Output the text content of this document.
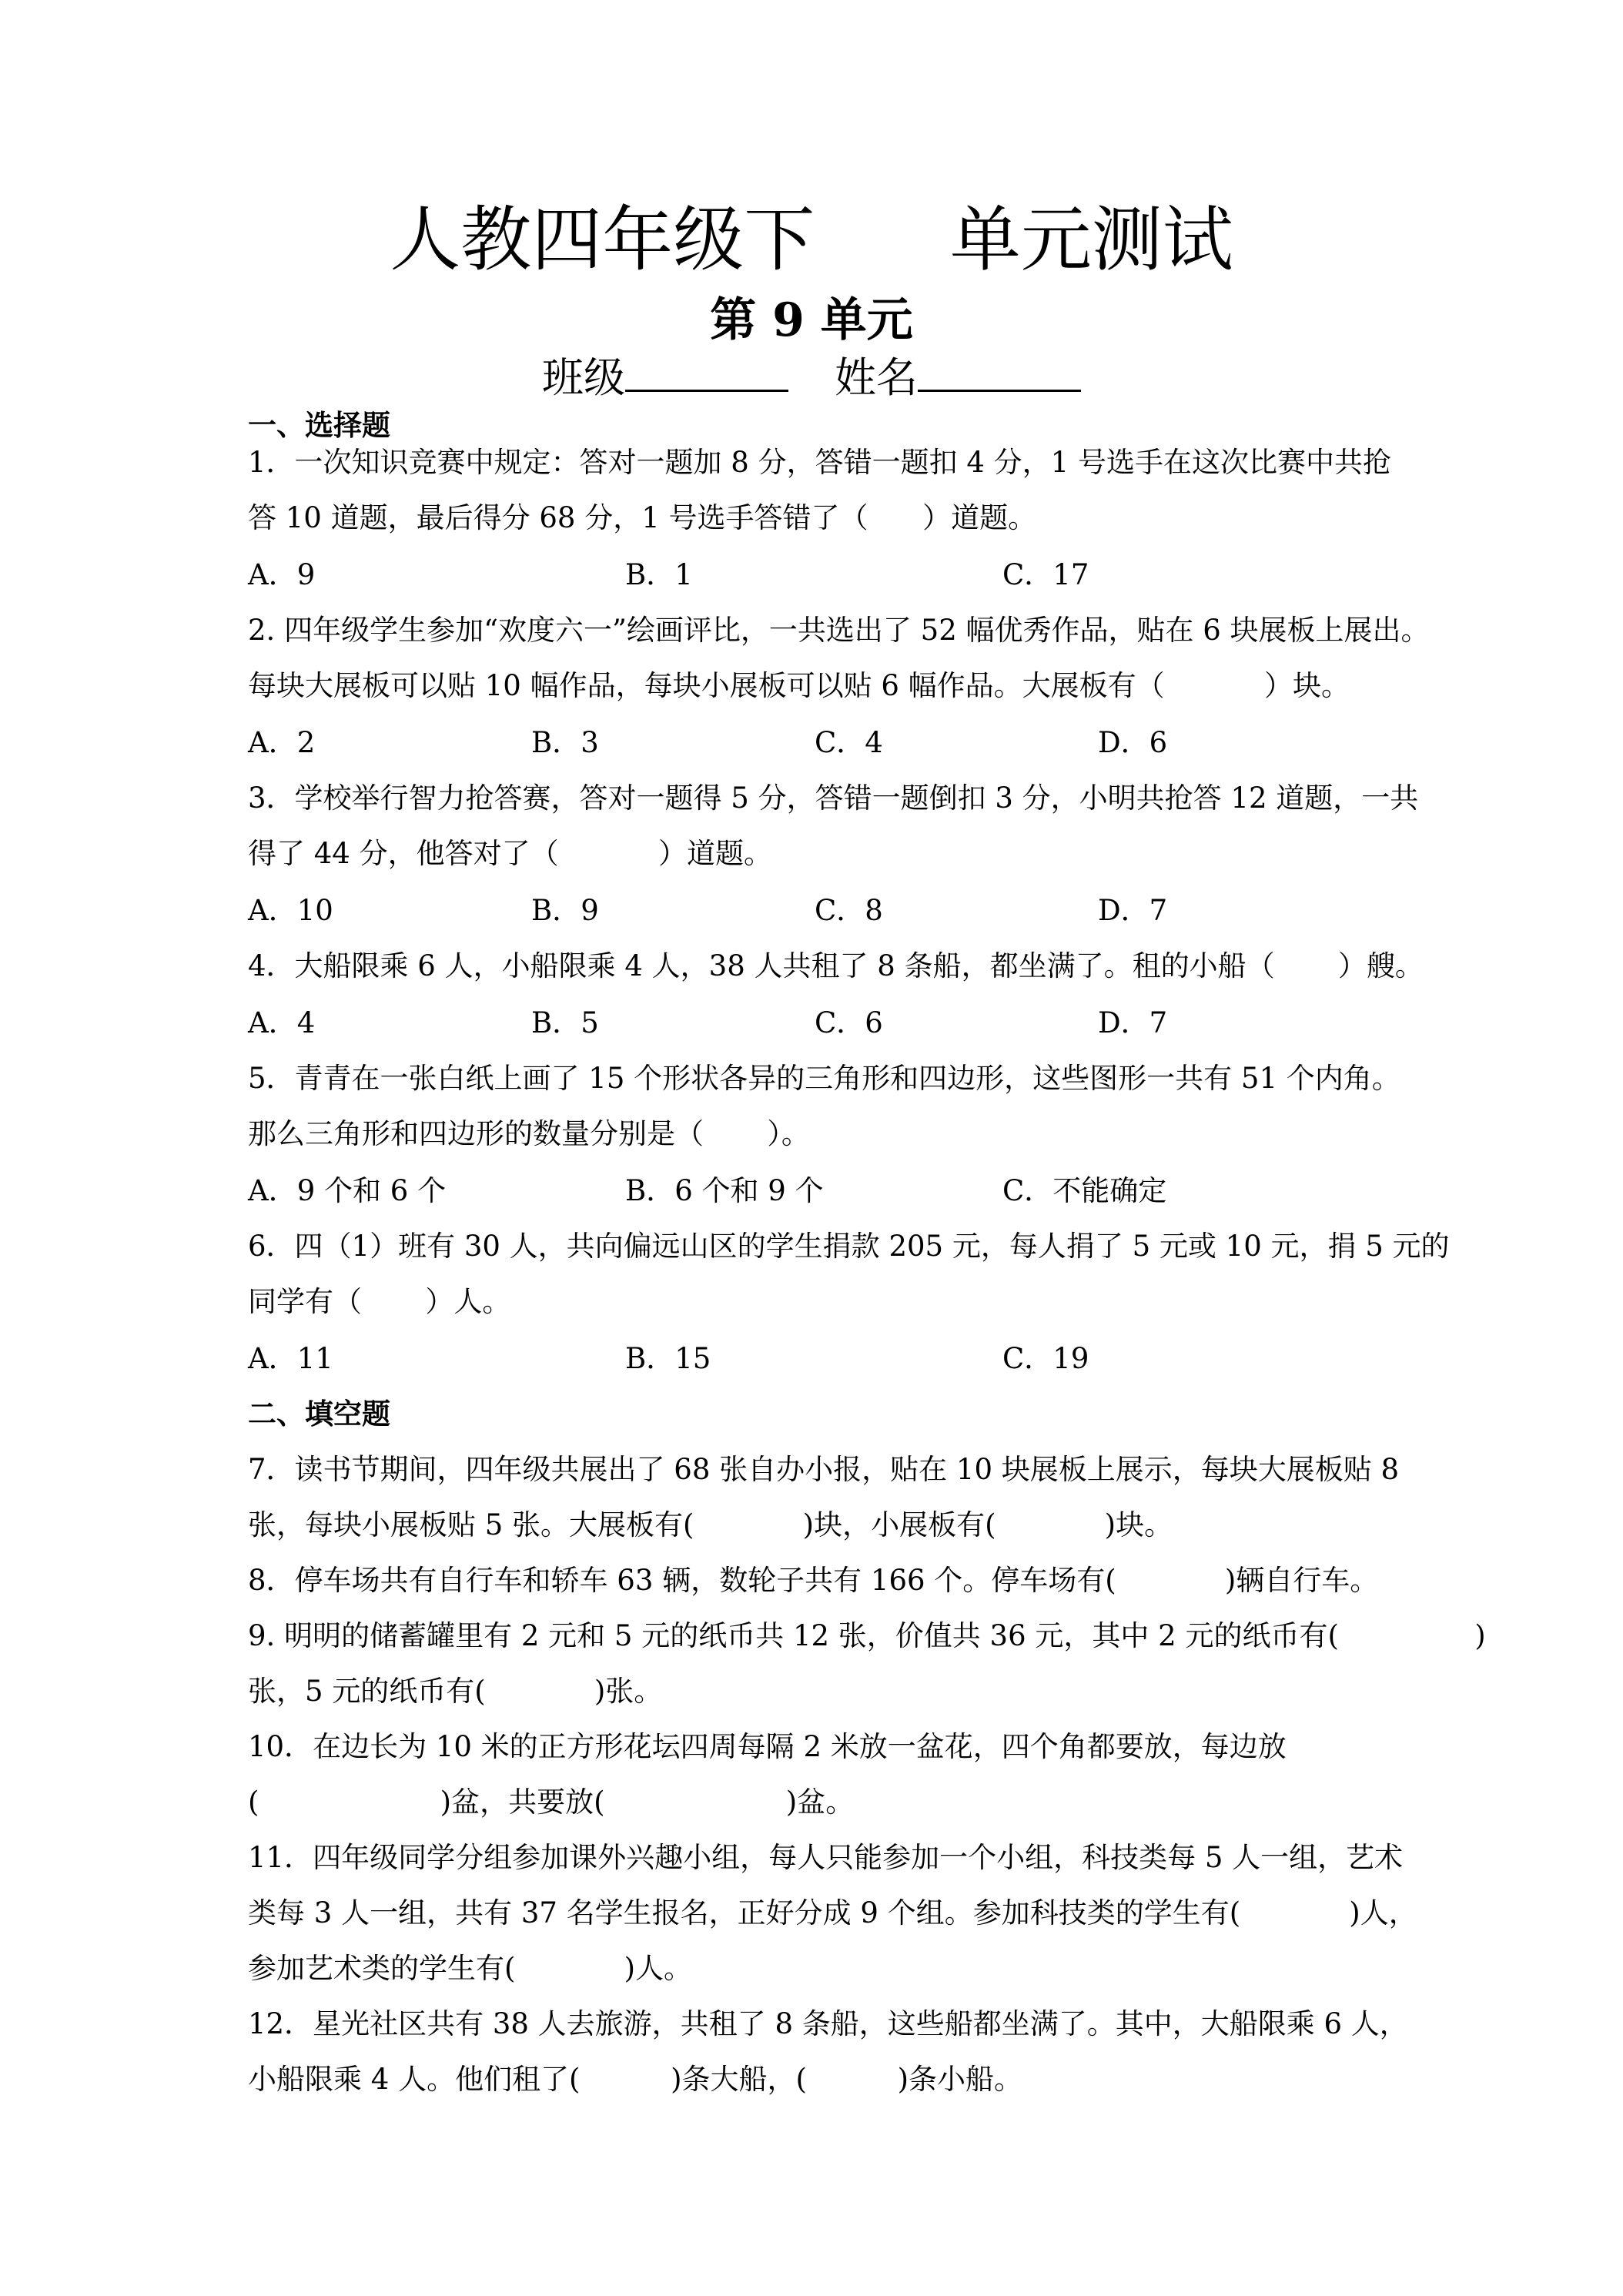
人教四年级下      单元测试
第 9 单元
班级	姓名
一、选择题
1．一次知识竞赛中规定：答对一题加 8 分，答错一题扣 4 分，1 号选手在这次比赛中共抢
答 10 道题，最后得分 68 分，1 号选手答错了（      ）道题。
A．9	B．1	C．17
2. 四年级学生参加“欢度六一”绘画评比，一共选出了 52 幅优秀作品，贴在 6 块展板上展出。
每块大展板可以贴 10 幅作品，每块小展板可以贴 6 幅作品。大展板有（           ）块。
A．2	B．3	C．4	D．6
3．学校举行智力抢答赛，答对一题得 5 分，答错一题倒扣 3 分，小明共抢答 12 道题，一共
得了 44 分，他答对了（           ）道题。
A．10	B．9	C．8	D．7
4．大船限乘 6 人，小船限乘 4 人，38 人共租了 8 条船，都坐满了。租的小船（       ）艘。
A．4	B．5	C．6	D．7
5．青青在一张白纸上画了 15 个形状各异的三角形和四边形，这些图形一共有 51 个内角。
那么三角形和四边形的数量分别是（       ）。
A．9 个和 6 个	B．6 个和 9 个	C．不能确定
6．四（1）班有 30 人，共向偏远山区的学生捐款 205 元，每人捐了 5 元或 10 元，捐 5 元的
同学有（       ）人。
A．11	B．15	C．19
二、填空题
7．读书节期间，四年级共展出了 68 张自办小报，贴在 10 块展板上展示，每块大展板贴 8
张，每块小展板贴 5 张。大展板有(            )块，小展板有(            )块。
8．停车场共有自行车和轿车 63 辆，数轮子共有 166 个。停车场有(            )辆自行车。
9. 明明的储蓄罐里有 2 元和 5 元的纸币共 12 张，价值共 36 元，其中 2 元的纸币有(               )
张，5 元的纸币有(            )张。
10．在边长为 10 米的正方形花坛四周每隔 2 米放一盆花，四个角都要放，每边放
(                    )盆，共要放(                    )盆。
11．四年级同学分组参加课外兴趣小组，每人只能参加一个小组，科技类每 5 人一组，艺术
类每 3 人一组，共有 37 名学生报名，正好分成 9 个组。参加科技类的学生有(            )人，
参加艺术类的学生有(            )人。
12．星光社区共有 38 人去旅游，共租了 8 条船，这些船都坐满了。其中，大船限乘 6 人，
小船限乘 4 人。他们租了(          )条大船，(          )条小船。
